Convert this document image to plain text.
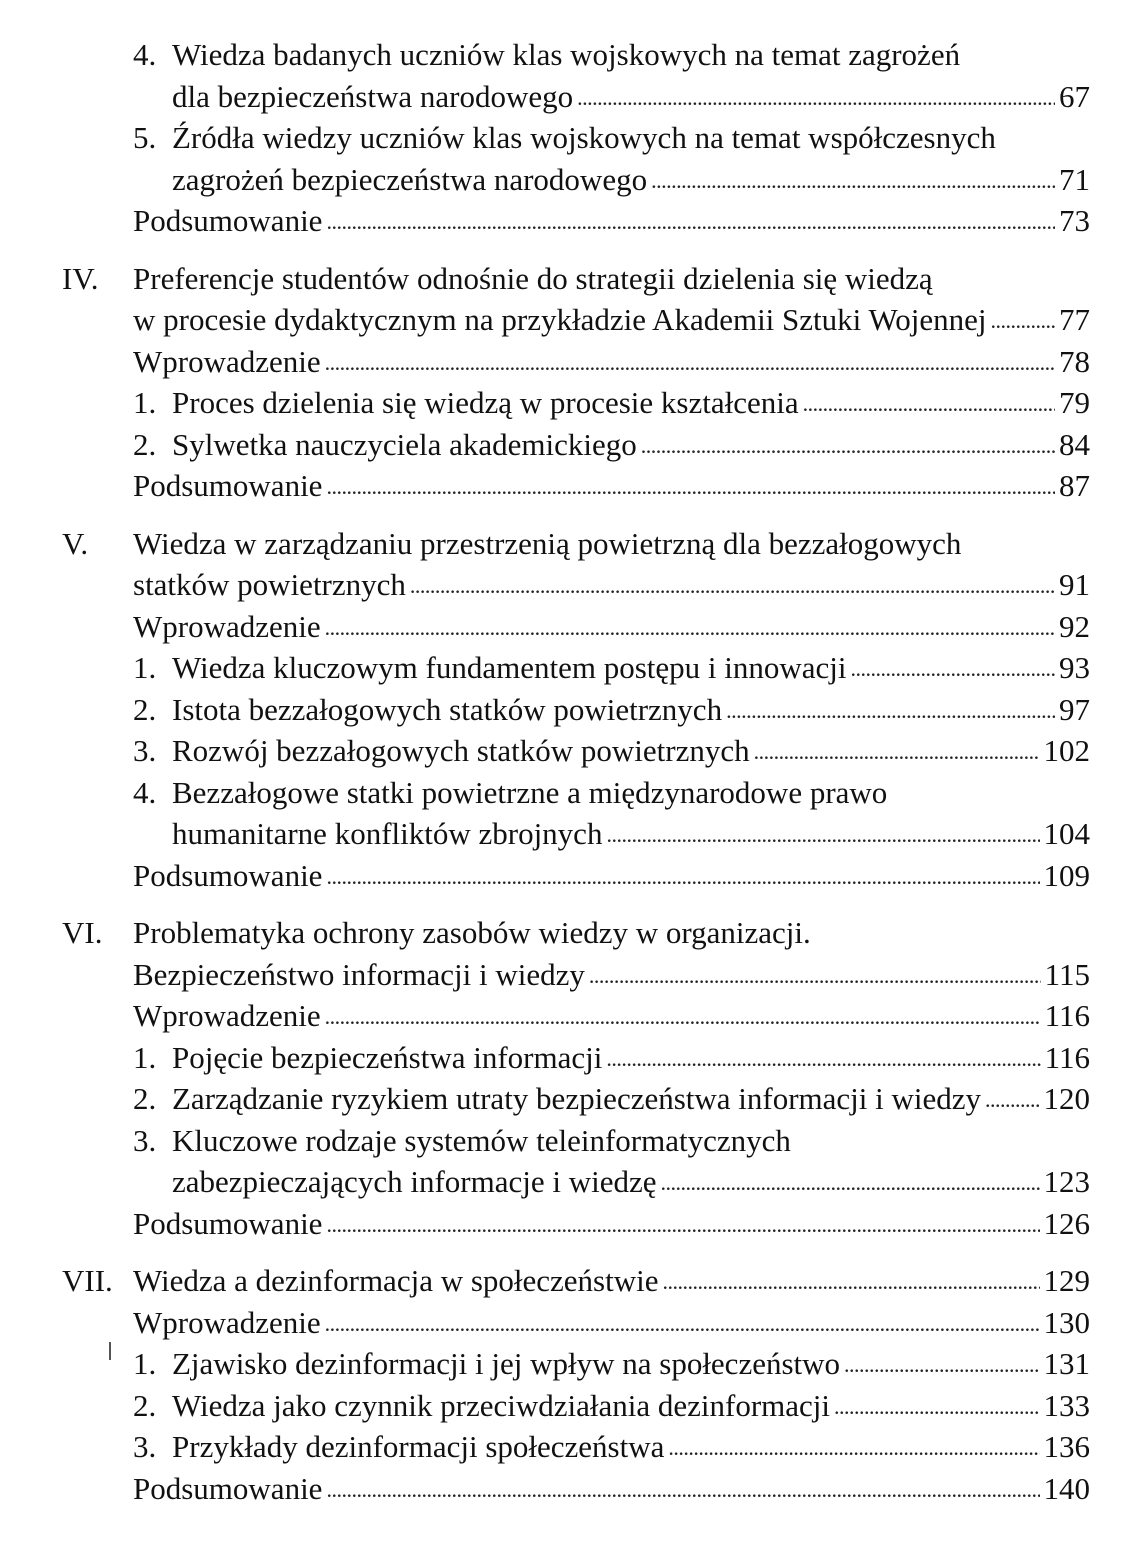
4. Wiedza badanych uczniów klas wojskowych na temat zagrożeń
dla bezpieczeństwa narodowego . . .	67
5. Źródła wiedzy uczniów klas wojskowych na temat współczesnych
zagrożeń bezpieczeństwa narodowego . . .	71
Podsumowanie . . .	73
IV. Preferencje studentów odnośnie do strategii dzielenia się wiedzą
w procesie dydaktycznym na przykładzie Akademii Sztuki Wojennej . . . 77
Wprowadzenie . . .	78
1. Proces dzielenia się wiedzą w procesie kształcenia . . .	79
2. Sylwetka nauczyciela akademickiego . . .	84
Podsumowanie . . .	87
V. Wiedza w zarządzaniu przestrzenią powietrzną dla bezzałogowych
statków powietrznych . . .	91
Wprowadzenie . . .	92
1. Wiedza kluczowym fundamentem postępu i innowacji . . .	93
2. Istota bezzałogowych statków powietrznych . . .	97
3. Rozwój bezzałogowych statków powietrznych . . .	102
4. Bezzałogowe statki powietrzne a międzynarodowe prawo
humanitarne konfliktów zbrojnych . . .	104
Podsumowanie . . .	109
VI. Problematyka ochrony zasobów wiedzy w organizacji.
Bezpieczeństwo informacji i wiedzy . . .	115
Wprowadzenie . . .	116
1. Pojęcie bezpieczeństwa informacji . . .	116
2. Zarządzanie ryzykiem utraty bezpieczeństwa informacji i wiedzy . . . 120
3. Kluczowe rodzaje systemów teleinformatycznych
zabezpieczających informacje i wiedzę . . .	123
Podsumowanie . . .	126
VII. Wiedza a dezinformacja w społeczeństwie . . .	129
Wprowadzenie . . .	130
1. Zjawisko dezinformacji i jej wpływ na społeczeństwo . . .	131
2. Wiedza jako czynnik przeciwdziałania dezinformacji . . .	133
3. Przykłady dezinformacji społeczeństwa . . .	136
Podsumowanie . . .	140
